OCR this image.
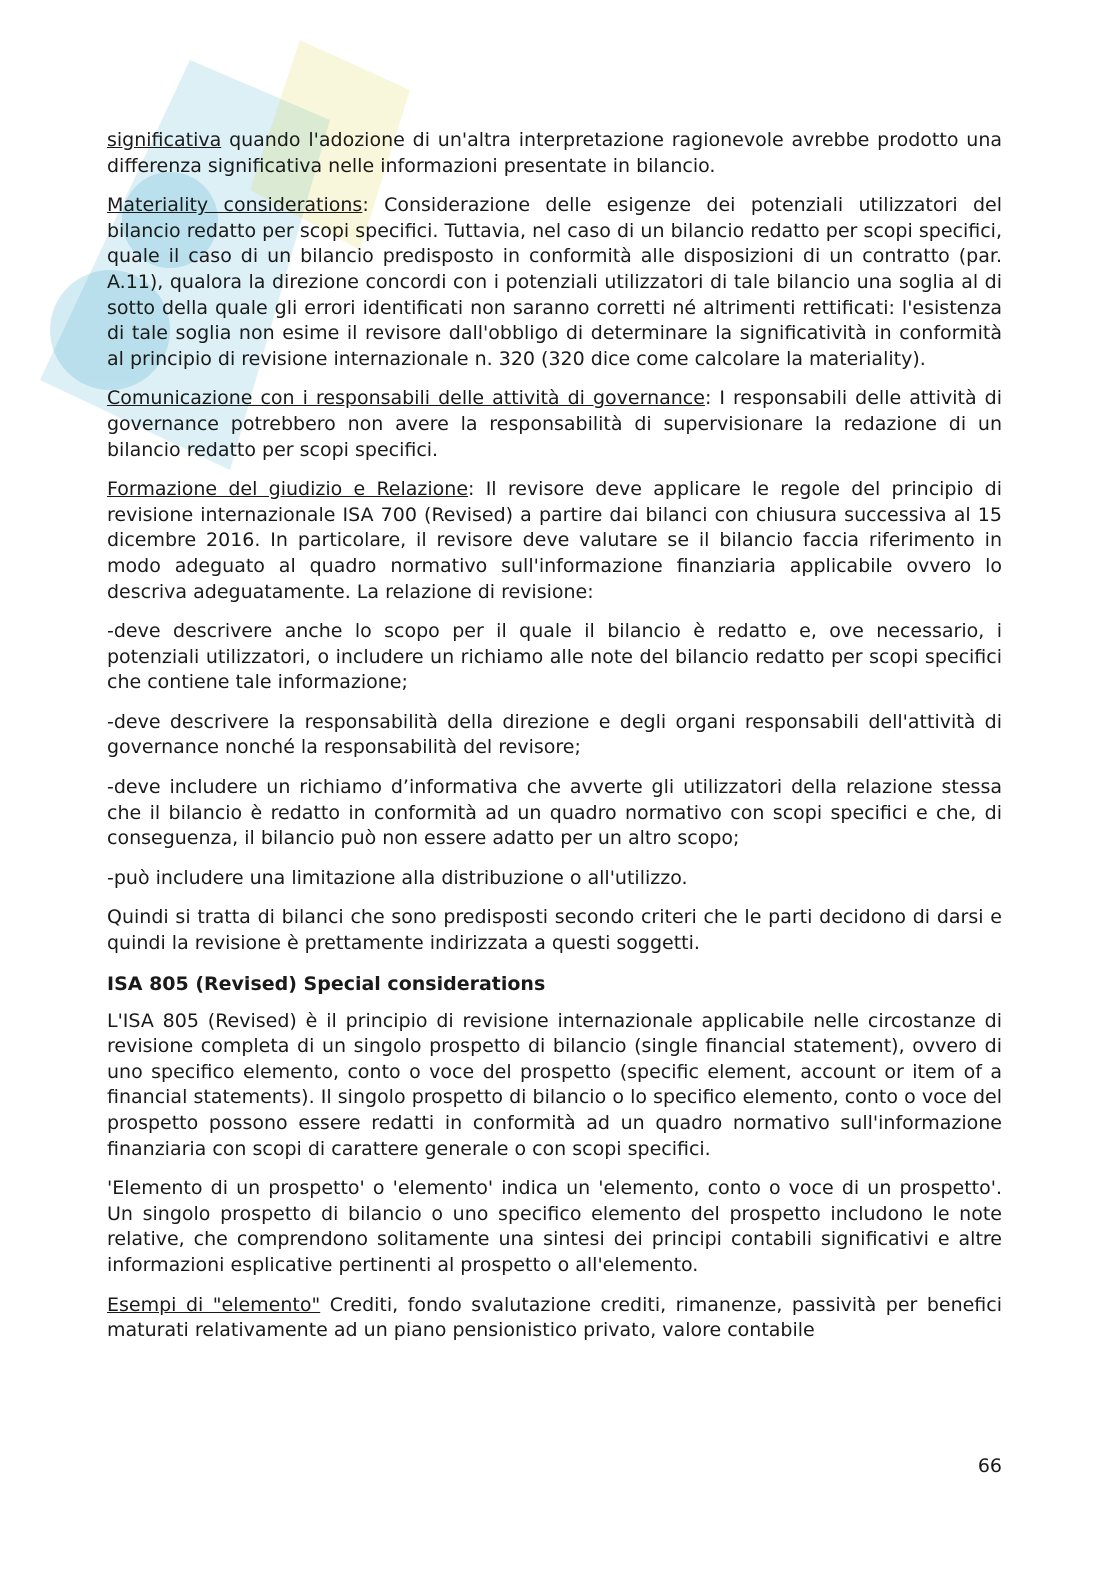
significativa quando l'adozione di un'altra interpretazione ragionevole avrebbe prodotto una differenza significativa nelle informazioni presentate in bilancio.

Materiality considerations: Considerazione delle esigenze dei potenziali utilizzatori del bilancio redatto per scopi specifici. Tuttavia, nel caso di un bilancio redatto per scopi specifici, quale il caso di un bilancio predisposto in conformità alle disposizioni di un contratto (par. A.11), qualora la direzione concordi con i potenziali utilizzatori di tale bilancio una soglia al di sotto della quale gli errori identificati non saranno corretti né altrimenti rettificati: l'esistenza di tale soglia non esime il revisore dall'obbligo di determinare la significatività in conformità al principio di revisione internazionale n. 320 (320 dice come calcolare la materiality).

Comunicazione con i responsabili delle attività di governance: I responsabili delle attività di governance potrebbero non avere la responsabilità di supervisionare la redazione di un bilancio redatto per scopi specifici.

Formazione del giudizio e Relazione: Il revisore deve applicare le regole del principio di revisione internazionale ISA 700 (Revised) a partire dai bilanci con chiusura successiva al 15 dicembre 2016. In particolare, il revisore deve valutare se il bilancio faccia riferimento in modo adeguato al quadro normativo sull'informazione finanziaria applicabile ovvero lo descriva adeguatamente. La relazione di revisione:

-deve descrivere anche lo scopo per il quale il bilancio è redatto e, ove necessario, i potenziali utilizzatori, o includere un richiamo alle note del bilancio redatto per scopi specifici che contiene tale informazione;

-deve descrivere la responsabilità della direzione e degli organi responsabili dell'attività di governance nonché la responsabilità del revisore;

-deve includere un richiamo d’informativa che avverte gli utilizzatori della relazione stessa che il bilancio è redatto in conformità ad un quadro normativo con scopi specifici e che, di conseguenza, il bilancio può non essere adatto per un altro scopo;

-può includere una limitazione alla distribuzione o all'utilizzo.

Quindi si tratta di bilanci che sono predisposti secondo criteri che le parti decidono di darsi e quindi la revisione è prettamente indirizzata a questi soggetti.

ISA 805 (Revised) Special considerations

L'ISA 805 (Revised) è il principio di revisione internazionale applicabile nelle circostanze di revisione completa di un singolo prospetto di bilancio (single financial statement), ovvero di uno specifico elemento, conto o voce del prospetto (specific element, account or item of a financial statements). Il singolo prospetto di bilancio o lo specifico elemento, conto o voce del prospetto possono essere redatti in conformità ad un quadro normativo sull'informazione finanziaria con scopi di carattere generale o con scopi specifici.

'Elemento di un prospetto' o 'elemento' indica un 'elemento, conto o voce di un prospetto'. Un singolo prospetto di bilancio o uno specifico elemento del prospetto includono le note relative, che comprendono solitamente una sintesi dei principi contabili significativi e altre informazioni esplicative pertinenti al prospetto o all'elemento.

Esempi di "elemento" Crediti, fondo svalutazione crediti, rimanenze, passività per benefici maturati relativamente ad un piano pensionistico privato, valore contabile

66
